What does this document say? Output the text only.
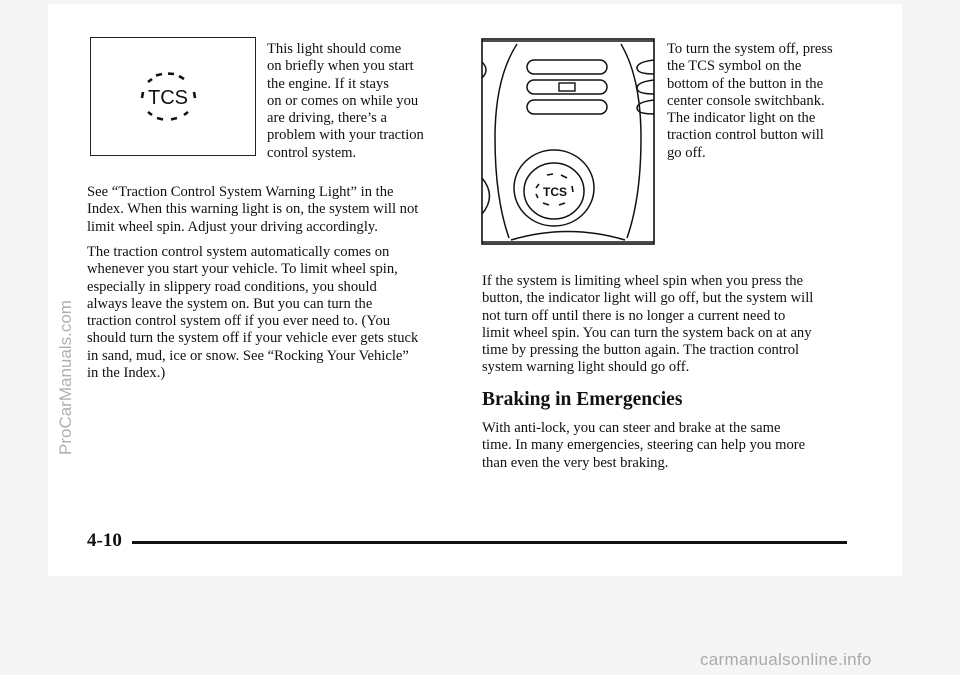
TCS
This light should come
on briefly when you start
the engine. If it stays
on or comes on while you
are driving, there’s a
problem with your traction
control system.
See “Traction Control System Warning Light” in the
Index. When this warning light is on, the system will not
limit wheel spin. Adjust your driving accordingly.
The traction control system automatically comes on
whenever you start your vehicle. To limit wheel spin,
especially in slippery road conditions, you should
always leave the system on. But you can turn the
traction control system off if you ever need to. (You
should turn the system off if your vehicle ever gets stuck
in sand, mud, ice or snow. See “Rocking Your Vehicle”
in the Index.)
TCS
To turn the system off, press
the TCS symbol on the
bottom of the button in the
center console switchbank.
The indicator light on the
traction control button will
go off.
If the system is limiting wheel spin when you press the
button, the indicator light will go off, but the system will
not turn off until there is no longer a current need to
limit wheel spin. You can turn the system back on at any
time by pressing the button again. The traction control
system warning light should go off.
Braking in Emergencies
With anti-lock, you can steer and brake at the same
time. In many emergencies, steering can help you more
than even the very best braking.
4-10
ProCarManuals.com
carmanualsonline.info
